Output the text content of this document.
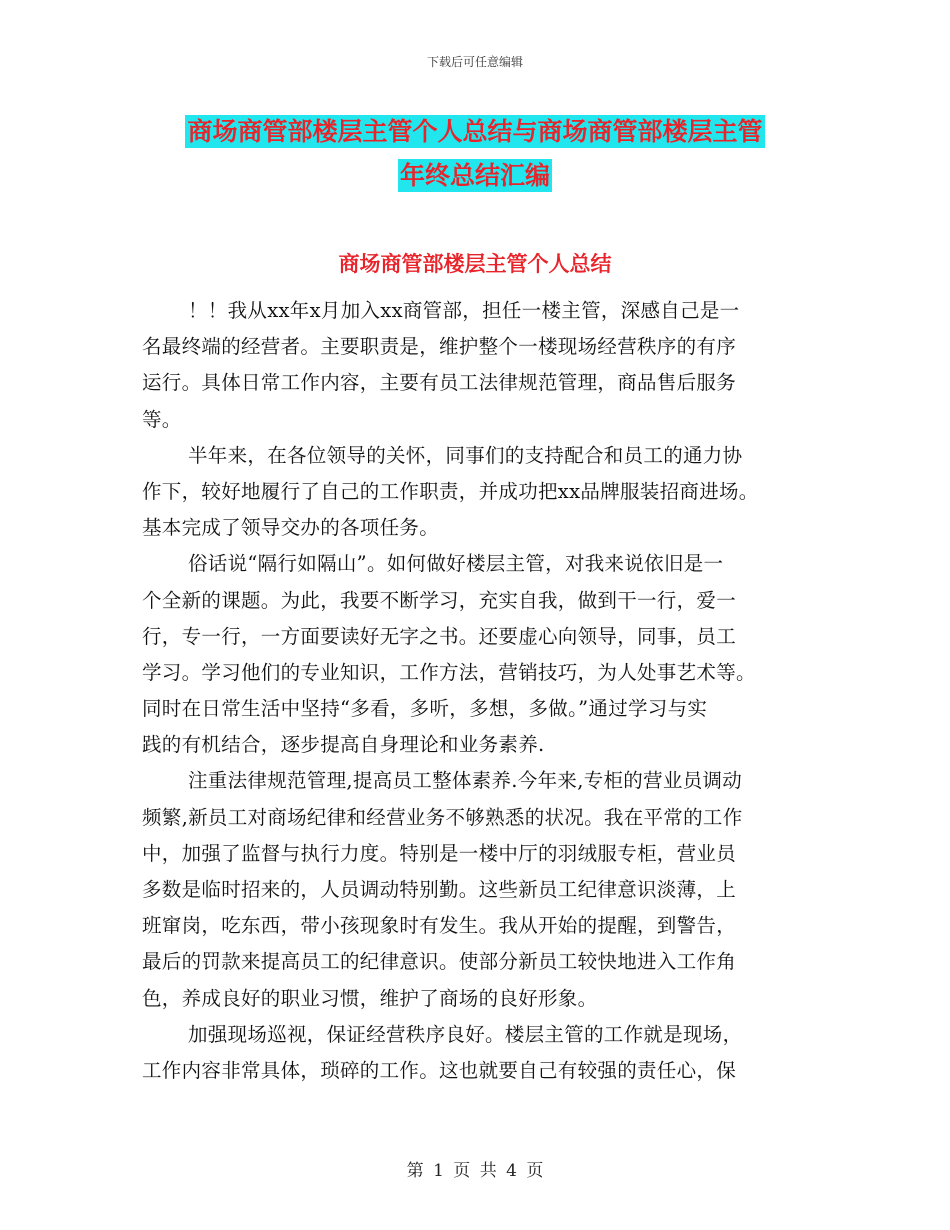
下载后可任意编辑
商场商管部楼层主管个人总结与商场商管部楼层主管
年终总结汇编
商场商管部楼层主管个人总结
！！我从xx年x月加入xx商管部，担任一楼主管，深感自己是一
名最终端的经营者。主要职责是，维护整个一楼现场经营秩序的有序
运行。具体日常工作内容，主要有员工法律规范管理，商品售后服务
等。
半年来，在各位领导的关怀，同事们的支持配合和员工的通力协
作下，较好地履行了自己的工作职责，并成功把xx品牌服装招商进场。
基本完成了领导交办的各项任务。
俗话说“隔行如隔山”。如何做好楼层主管，对我来说依旧是一
个全新的课题。为此，我要不断学习，充实自我，做到干一行，爱一
行，专一行，一方面要读好无字之书。还要虚心向领导，同事，员工
学习。学习他们的专业知识，工作方法，营销技巧，为人处事艺术等。
同时在日常生活中坚持“多看，多听，多想，多做。”通过学习与实
践的有机结合，逐步提高自身理论和业务素养.
注重法律规范管理,提高员工整体素养.今年来,专柜的营业员调动
频繁,新员工对商场纪律和经营业务不够熟悉的状况。我在平常的工作
中，加强了监督与执行力度。特别是一楼中厅的羽绒服专柜，营业员
多数是临时招来的，人员调动特别勤。这些新员工纪律意识淡薄，上
班窜岗，吃东西，带小孩现象时有发生。我从开始的提醒，到警告，
最后的罚款来提高员工的纪律意识。使部分新员工较快地进入工作角
色，养成良好的职业习惯，维护了商场的良好形象。
加强现场巡视，保证经营秩序良好。楼层主管的工作就是现场，
工作内容非常具体，琐碎的工作。这也就要自己有较强的责任心，保
第 1 页 共 4 页
